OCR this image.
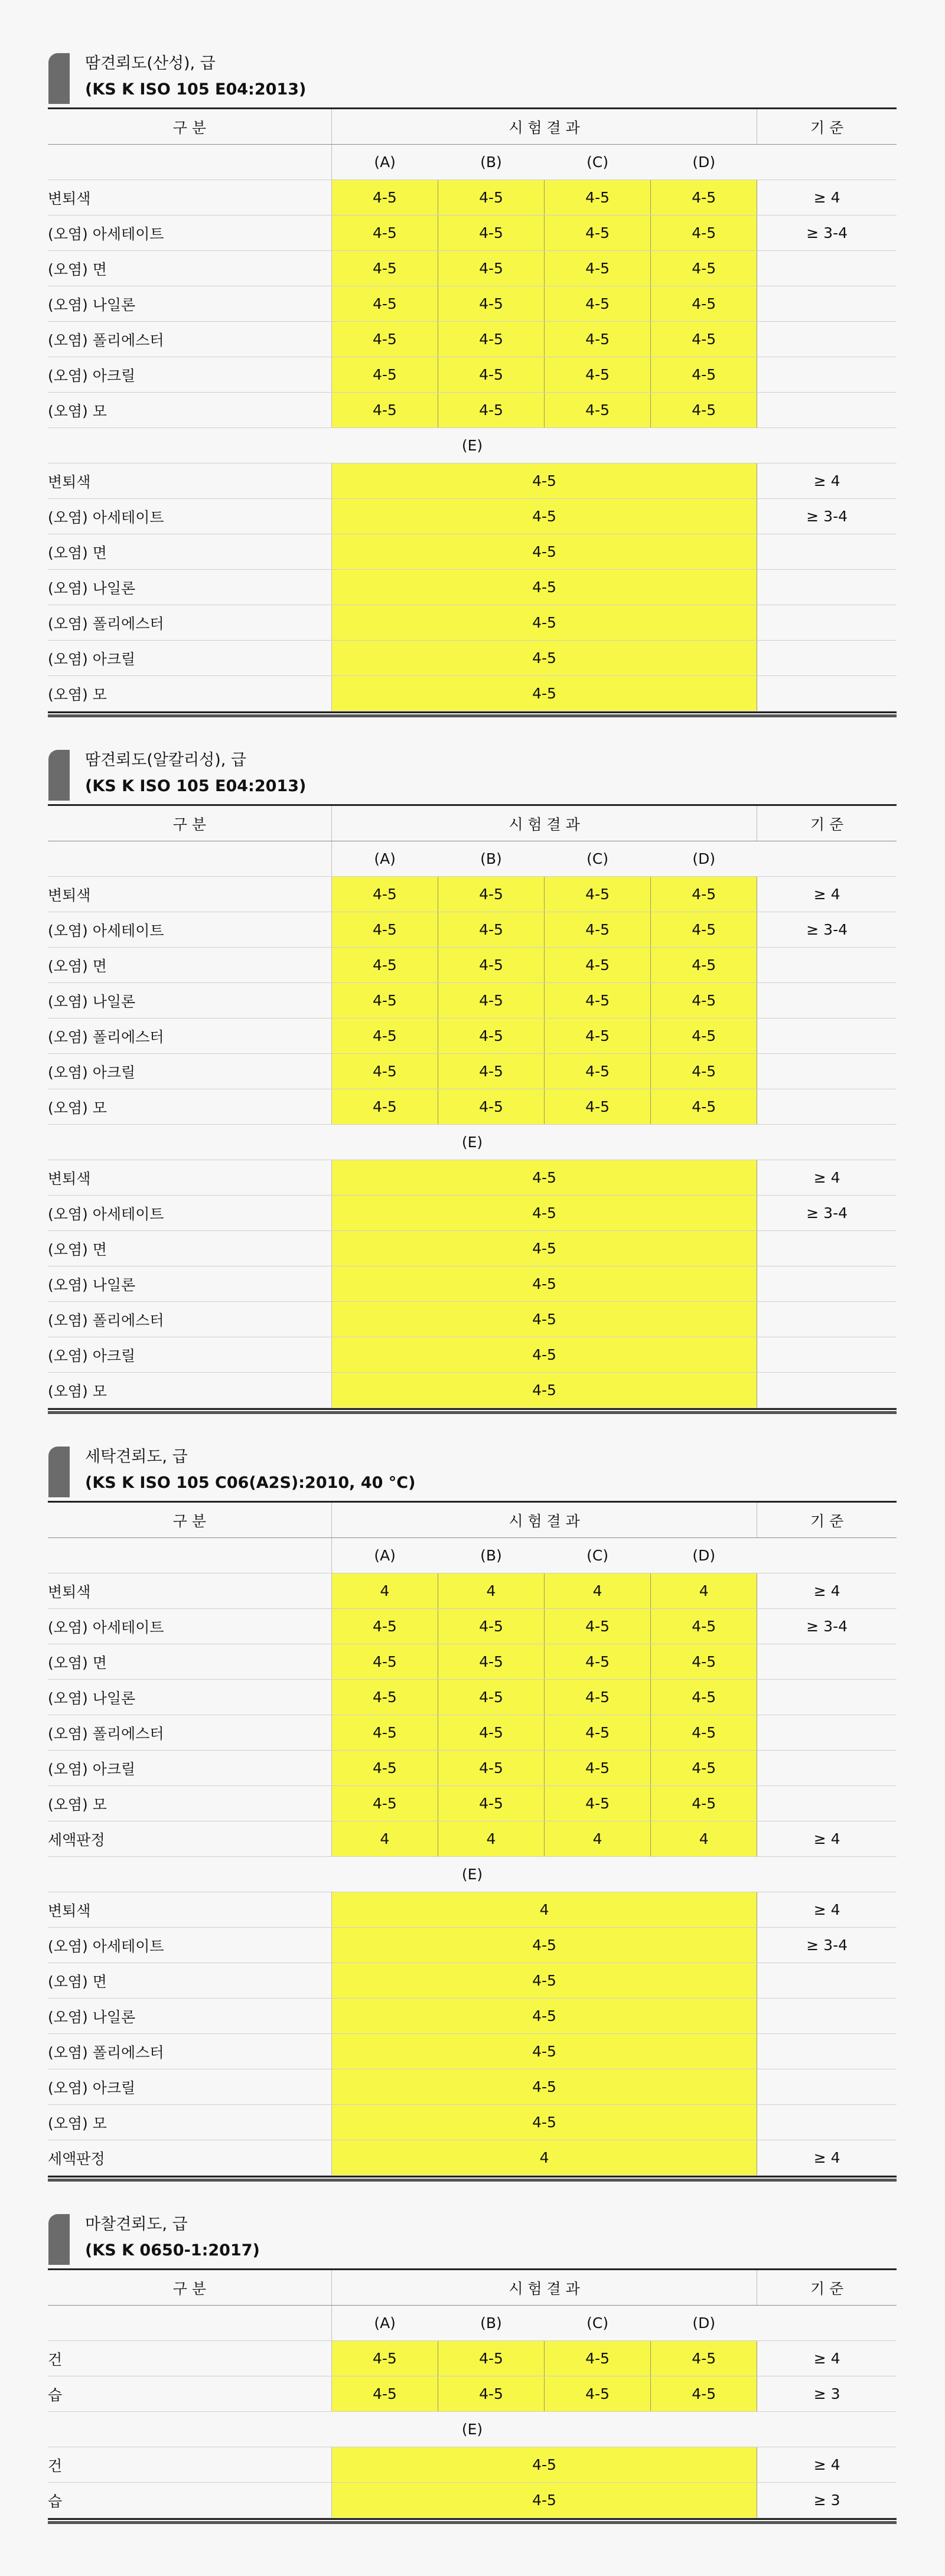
땀견뢰도(산성), 급
(KS K ISO 105 E04:2013)
구 분	시 험 결 과				기 준
	(A)	(B)	(C)	(D)	
변퇴색	4-5	4-5	4-5	4-5	≥ 4
(오염) 아세테이트	4-5	4-5	4-5	4-5	≥ 3-4
(오염) 면	4-5	4-5	4-5	4-5	
(오염) 나일론	4-5	4-5	4-5	4-5	
(오염) 폴리에스터	4-5	4-5	4-5	4-5	
(오염) 아크릴	4-5	4-5	4-5	4-5	
(오염) 모	4-5	4-5	4-5	4-5	
(E)					
변퇴색	4-5				≥ 4
(오염) 아세테이트	4-5				≥ 3-4
(오염) 면	4-5				
(오염) 나일론	4-5				
(오염) 폴리에스터	4-5				
(오염) 아크릴	4-5				
(오염) 모	4-5				
땀견뢰도(알칼리성), 급
(KS K ISO 105 E04:2013)
구 분	시 험 결 과				기 준
	(A)	(B)	(C)	(D)	
변퇴색	4-5	4-5	4-5	4-5	≥ 4
(오염) 아세테이트	4-5	4-5	4-5	4-5	≥ 3-4
(오염) 면	4-5	4-5	4-5	4-5	
(오염) 나일론	4-5	4-5	4-5	4-5	
(오염) 폴리에스터	4-5	4-5	4-5	4-5	
(오염) 아크릴	4-5	4-5	4-5	4-5	
(오염) 모	4-5	4-5	4-5	4-5	
(E)					
변퇴색	4-5				≥ 4
(오염) 아세테이트	4-5				≥ 3-4
(오염) 면	4-5				
(오염) 나일론	4-5				
(오염) 폴리에스터	4-5				
(오염) 아크릴	4-5				
(오염) 모	4-5				
세탁견뢰도, 급
(KS K ISO 105 C06(A2S):2010, 40 °C)
구 분	시 험 결 과				기 준
	(A)	(B)	(C)	(D)	
변퇴색	4	4	4	4	≥ 4
(오염) 아세테이트	4-5	4-5	4-5	4-5	≥ 3-4
(오염) 면	4-5	4-5	4-5	4-5	
(오염) 나일론	4-5	4-5	4-5	4-5	
(오염) 폴리에스터	4-5	4-5	4-5	4-5	
(오염) 아크릴	4-5	4-5	4-5	4-5	
(오염) 모	4-5	4-5	4-5	4-5	
세액판정	4	4	4	4	≥ 4
(E)					
변퇴색	4				≥ 4
(오염) 아세테이트	4-5				≥ 3-4
(오염) 면	4-5				
(오염) 나일론	4-5				
(오염) 폴리에스터	4-5				
(오염) 아크릴	4-5				
(오염) 모	4-5				
세액판정	4				≥ 4
마찰견뢰도, 급
(KS K 0650-1:2017)
구 분	시 험 결 과				기 준
	(A)	(B)	(C)	(D)	
건	4-5	4-5	4-5	4-5	≥ 4
습	4-5	4-5	4-5	4-5	≥ 3
(E)					
건	4-5				≥ 4
습	4-5				≥ 3
